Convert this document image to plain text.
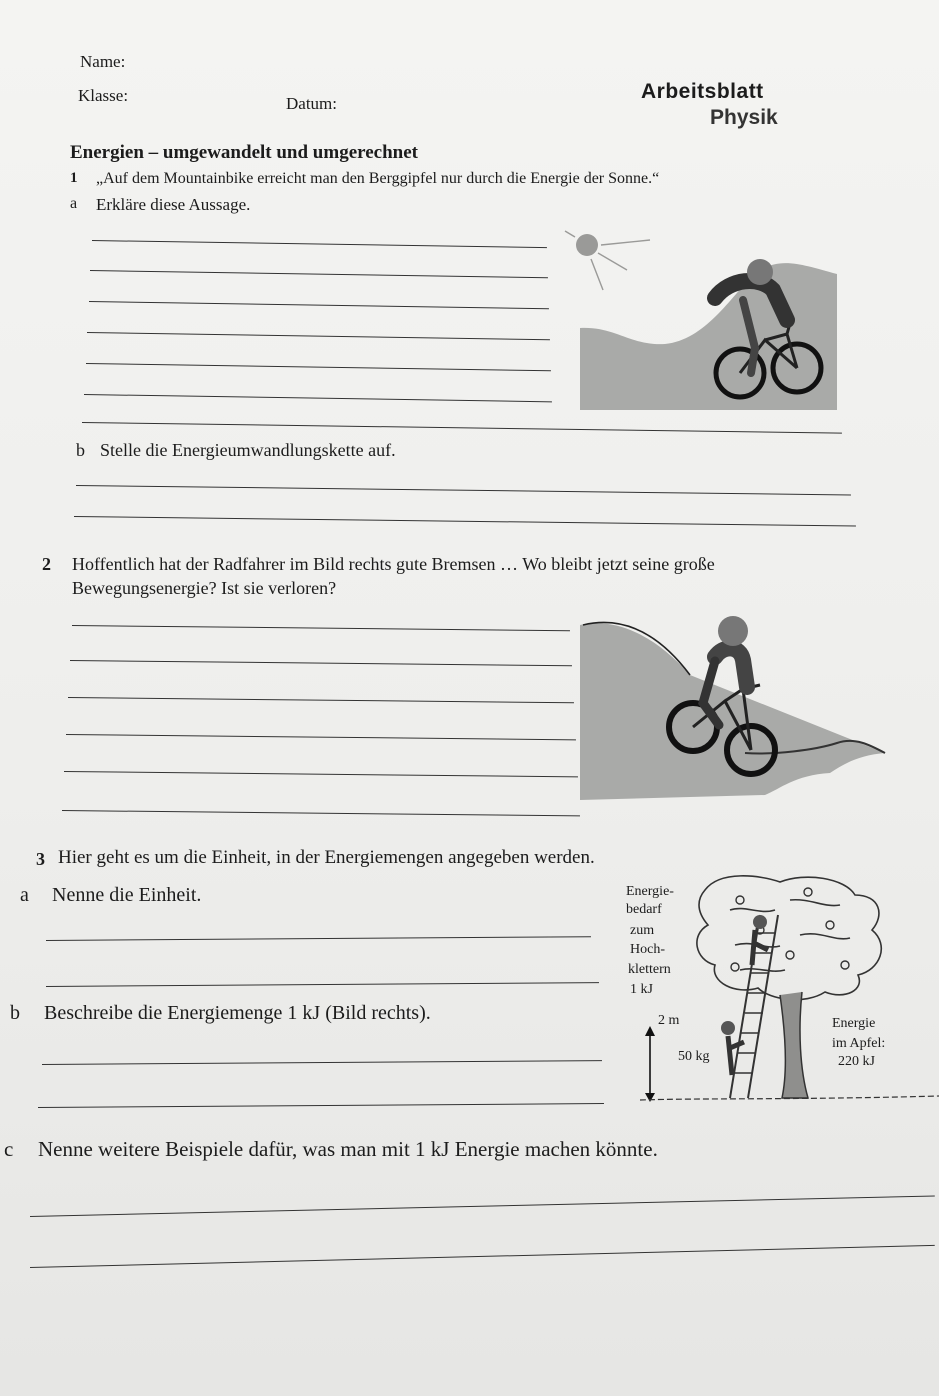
Name:
Klasse:	Datum:
Arbeitsblatt
Physik
Energien – umgewandelt und umgerechnet
1 „Auf dem Mountainbike erreicht man den Berggipfel nur durch die Energie der Sonne.“
a Erkläre diese Aussage.
b Stelle die Energieumwandlungskette auf.
2 Hoffentlich hat der Radfahrer im Bild rechts gute Bremsen … Wo bleibt jetzt seine große
Bewegungsenergie? Ist sie verloren?
3 Hier geht es um die Einheit, in der Energiemengen angegeben werden.
a Nenne die Einheit.
b Beschreibe die Energiemenge 1 kJ (Bild rechts).
Energie-
bedarf
zum
Hoch-
klettern
1 kJ
2 m
50 kg
Energie
im Apfel:
220 kJ
c Nenne weitere Beispiele dafür, was man mit 1 kJ Energie machen könnte.
